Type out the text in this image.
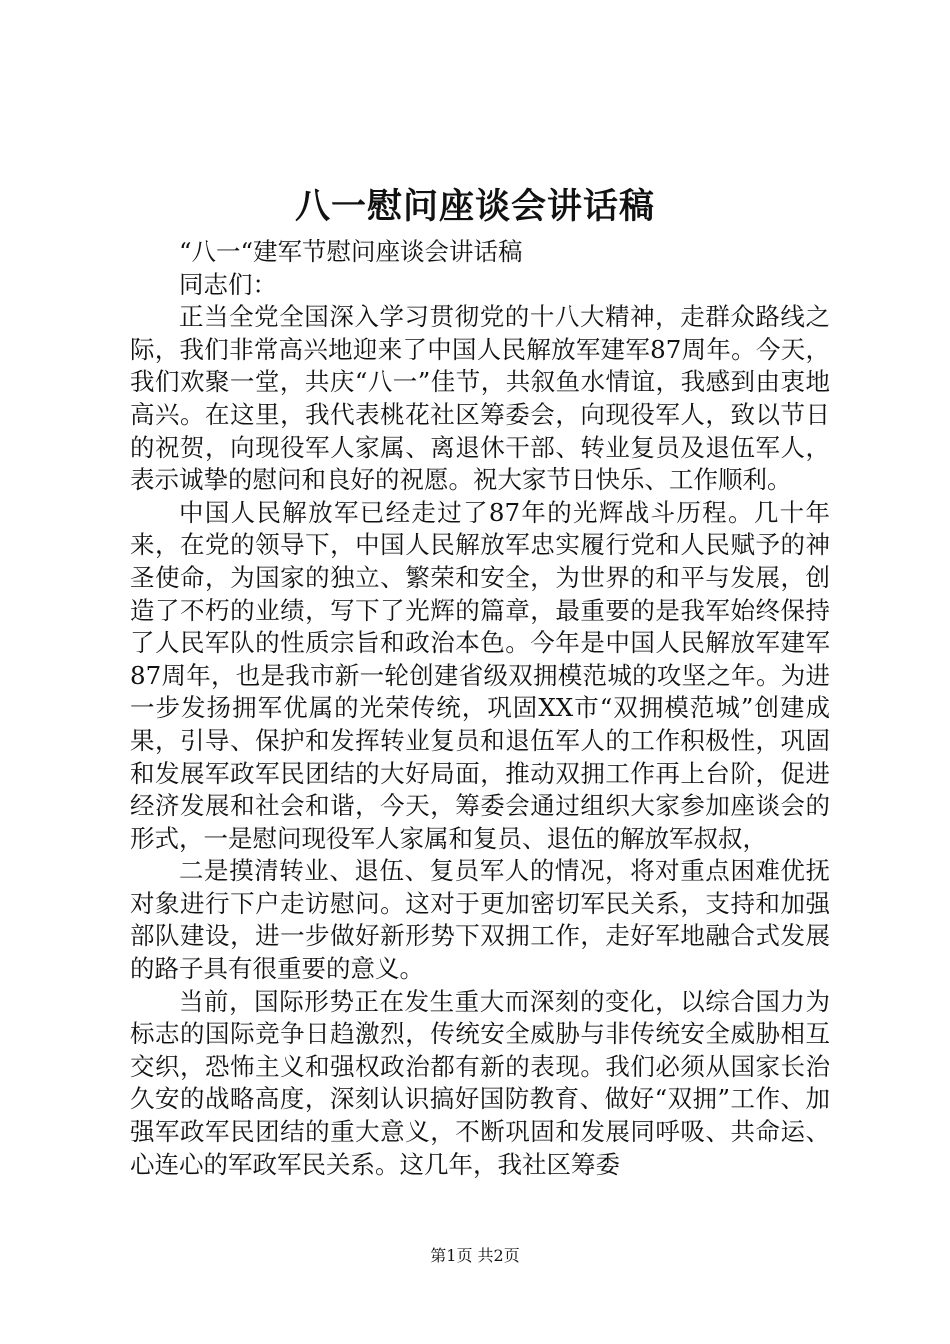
八一慰问座谈会讲话稿

“八一“建军节慰问座谈会讲话稿

同志们：

正当全党全国深入学习贯彻党的十八大精神，走群众路线之际，我们非常高兴地迎来了中国人民解放军建军87周年。今天，我们欢聚一堂，共庆“八一”佳节，共叙鱼水情谊，我感到由衷地高兴。在这里，我代表桃花社区筹委会，向现役军人，致以节日的祝贺，向现役军人家属、离退休干部、转业复员及退伍军人，表示诚挚的慰问和良好的祝愿。祝大家节日快乐、工作顺利。

中国人民解放军已经走过了87年的光辉战斗历程。几十年来，在党的领导下，中国人民解放军忠实履行党和人民赋予的神圣使命，为国家的独立、繁荣和安全，为世界的和平与发展，创造了不朽的业绩，写下了光辉的篇章，最重要的是我军始终保持了人民军队的性质宗旨和政治本色。今年是中国人民解放军建军87周年，也是我市新一轮创建省级双拥模范城的攻坚之年。为进一步发扬拥军优属的光荣传统，巩固XX市“双拥模范城”创建成果，引导、保护和发挥转业复员和退伍军人的工作积极性，巩固和发展军政军民团结的大好局面，推动双拥工作再上台阶，促进经济发展和社会和谐，今天，筹委会通过组织大家参加座谈会的形式，一是慰问现役军人家属和复员、退伍的解放军叔叔，

二是摸清转业、退伍、复员军人的情况，将对重点困难优抚对象进行下户走访慰问。这对于更加密切军民关系，支持和加强部队建设，进一步做好新形势下双拥工作，走好军地融合式发展的路子具有很重要的意义。

当前，国际形势正在发生重大而深刻的变化，以综合国力为标志的国际竞争日趋激烈，传统安全威胁与非传统安全威胁相互交织，恐怖主义和强权政治都有新的表现。我们必须从国家长治久安的战略高度，深刻认识搞好国防教育、做好“双拥”工作、加强军政军民团结的重大意义，不断巩固和发展同呼吸、共命运、心连心的军政军民关系。这几年，我社区筹委

第1页 共2页
